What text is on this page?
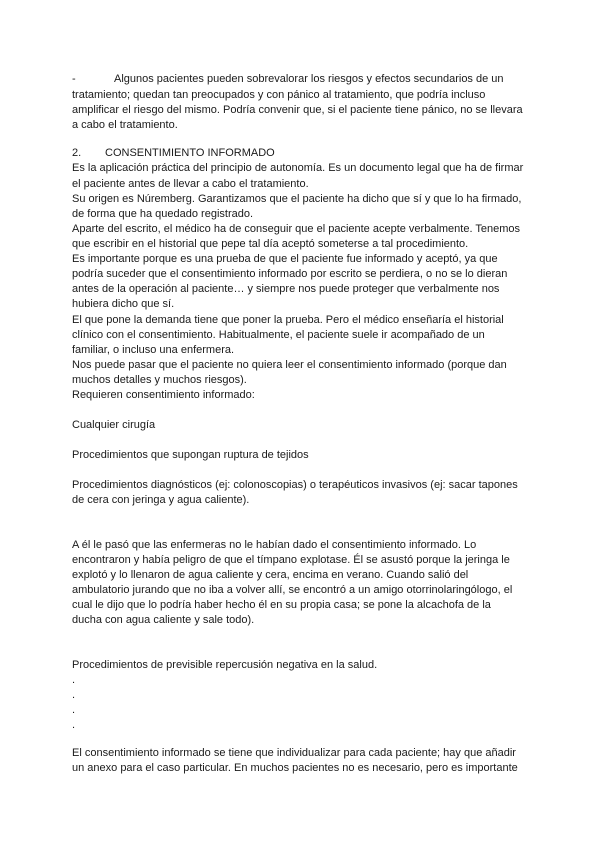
-	Algunos pacientes pueden sobrevalorar los riesgos y efectos secundarios de un
tratamiento; quedan tan preocupados y con pánico al tratamiento, que podría incluso
amplificar el riesgo del mismo. Podría convenir que, si el paciente tiene pánico, no se llevara
a cabo el tratamiento.
2. CONSENTIMIENTO INFORMADO
Es la aplicación práctica del principio de autonomía. Es un documento legal que ha de firmar
el paciente antes de llevar a cabo el tratamiento.
Su origen es Núremberg. Garantizamos que el paciente ha dicho que sí y que lo ha firmado,
de forma que ha quedado registrado.
Aparte del escrito, el médico ha de conseguir que el paciente acepte verbalmente. Tenemos
que escribir en el historial que pepe tal día aceptó someterse a tal procedimiento.
Es importante porque es una prueba de que el paciente fue informado y aceptó, ya que
podría suceder que el consentimiento informado por escrito se perdiera, o no se lo dieran
antes de la operación al paciente… y siempre nos puede proteger que verbalmente nos
hubiera dicho que sí.
El que pone la demanda tiene que poner la prueba. Pero el médico enseñaría el historial
clínico con el consentimiento. Habitualmente, el paciente suele ir acompañado de un
familiar, o incluso una enfermera.
Nos puede pasar que el paciente no quiera leer el consentimiento informado (porque dan
muchos detalles y muchos riesgos).
Requieren consentimiento informado:
Cualquier cirugía
Procedimientos que supongan ruptura de tejidos
Procedimientos diagnósticos (ej: colonoscopias) o terapéuticos invasivos (ej: sacar tapones
de cera con jeringa y agua caliente).
A él le pasó que las enfermeras no le habían dado el consentimiento informado. Lo
encontraron y había peligro de que el tímpano explotase. Él se asustó porque la jeringa le
explotó y lo llenaron de agua caliente y cera, encima en verano. Cuando salió del
ambulatorio jurando que no iba a volver allí, se encontró a un amigo otorrinolaringólogo, el
cual le dijo que lo podría haber hecho él en su propia casa; se pone la alcachofa de la
ducha con agua caliente y sale todo).
Procedimientos de previsible repercusión negativa en la salud.
.
.
.
.
El consentimiento informado se tiene que individualizar para cada paciente; hay que añadir
un anexo para el caso particular. En muchos pacientes no es necesario, pero es importante
